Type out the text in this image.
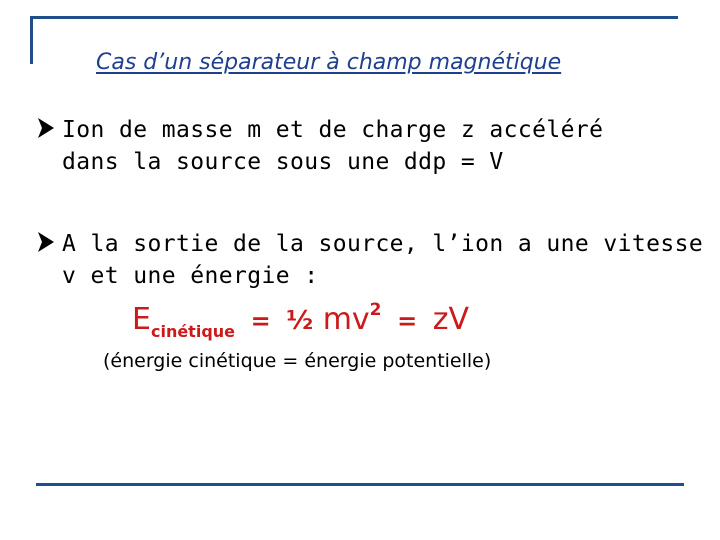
Cas d’un séparateur à champ magnétique
Ion de masse m et de charge z accéléré
dans la source sous une ddp = V
A la sortie de la source, l’ion a une vitesse
v et une énergie :
$E_{cinétique}$ = ½ $mv^2$ = zV
(énergie cinétique = énergie potentielle)
